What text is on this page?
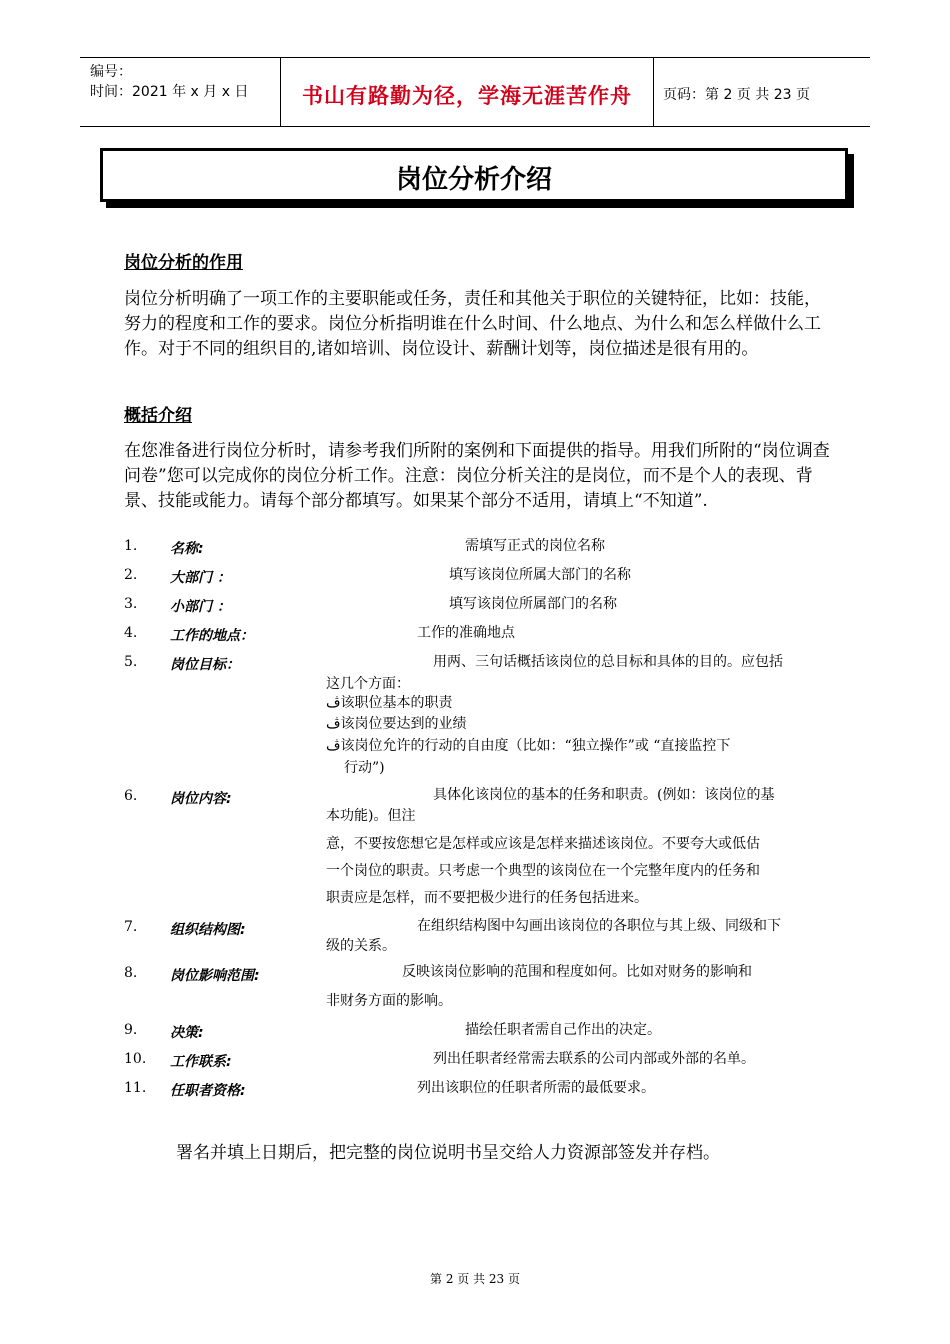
编号：
时间：2021 年 x 月 x 日	书山有路勤为径，学海无涯苦作舟	页码：第 2 页 共 23 页
岗位分析介绍
岗位分析的作用
岗位分析明确了一项工作的主要职能或任务，责任和其他关于职位的关键特征，比如：技能，努力的程度和工作的要求。岗位分析指明谁在什么时间、什么地点、为什么和怎么样做什么工作。对于不同的组织目的,诸如培训、岗位设计、薪酬计划等，岗位描述是很有用的。
概括介绍
在您准备进行岗位分析时，请参考我们所附的案例和下面提供的指导。用我们所附的“岗位调查问卷”您可以完成你的岗位分析工作。注意：岗位分析关注的是岗位，而不是个人的表现、背景、技能或能力。请每个部分都填写。如果某个部分不适用，请填上“不知道”.
1. 名称:	需填写正式的岗位名称
2. 大部门 ：	填写该岗位所属大部门的名称
3. 小部门 ：	填写该岗位所属部门的名称
4. 工作的地点：	工作的准确地点
5. 岗位目标：	用两、三句话概括该岗位的总目标和具体的目的。应包括
这几个方面：
ڤ该职位基本的职责
ڤ该岗位要达到的业绩
ڤ该岗位允许的行动的自由度（比如：“独立操作”或 “直接监控下
行动”)
6. 岗位内容:	具体化该岗位的基本的任务和职责。(例如：该岗位的基
本功能)。但注
意，不要按您想它是怎样或应该是怎样来描述该岗位。不要夸大或低估
一个岗位的职责。只考虑一个典型的该岗位在一个完整年度内的任务和
职责应是怎样，而不要把极少进行的任务包括进来。
7. 组织结构图:	在组织结构图中勾画出该岗位的各职位与其上级、同级和下
级的关系。
8. 岗位影响范围:	反映该岗位影响的范围和程度如何。比如对财务的影响和
非财务方面的影响。
9. 决策:	描绘任职者需自己作出的决定。
10. 工作联系:	列出任职者经常需去联系的公司内部或外部的名单。
11. 任职者资格:	列出该职位的任职者所需的最低要求。
署名并填上日期后，把完整的岗位说明书呈交给人力资源部签发并存档。
第 2 页 共 23 页
